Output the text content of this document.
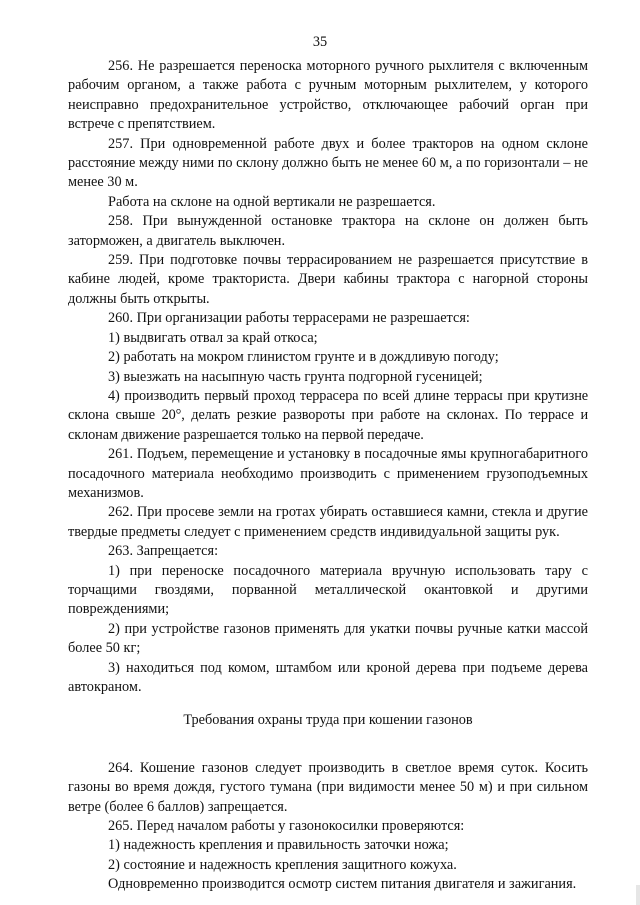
35

256. Не разрешается переноска моторного ручного рыхлителя с включенным рабочим органом, а также работа с ручным моторным рыхлителем, у которого неисправно предохранительное устройство, отключающее рабочий орган при встрече с препятствием.

257. При одновременной работе двух и более тракторов на одном склоне расстояние между ними по склону должно быть не менее 60 м, а по горизонтали – не менее 30 м.

Работа на склоне на одной вертикали не разрешается.

258. При вынужденной остановке трактора на склоне он должен быть заторможен, а двигатель выключен.

259. При подготовке почвы террасированием не разрешается присутствие в кабине людей, кроме тракториста. Двери кабины трактора с нагорной стороны должны быть открыты.

260. При организации работы террасерами не разрешается:

1) выдвигать отвал за край откоса;

2) работать на мокром глинистом грунте и в дождливую погоду;

3) выезжать на насыпную часть грунта подгорной гусеницей;

4) производить первый проход террасера по всей длине террасы при крутизне склона свыше 20°, делать резкие развороты при работе на склонах. По террасе и склонам движение разрешается только на первой передаче.

261. Подъем, перемещение и установку в посадочные ямы крупногабаритного посадочного материала необходимо производить с применением грузоподъемных механизмов.

262. При просеве земли на гротах убирать оставшиеся камни, стекла и другие твердые предметы следует с применением средств индивидуальной защиты рук.

263. Запрещается:

1) при переноске посадочного материала вручную использовать тару с торчащими гвоздями, порванной металлической окантовкой и другими повреждениями;

2) при устройстве газонов применять для укатки почвы ручные катки массой более 50 кг;

3) находиться под комом, штамбом или кроной дерева при подъеме дерева автокраном.

Требования охраны труда при кошении газонов

264. Кошение газонов следует производить в светлое время суток. Косить газоны во время дождя, густого тумана (при видимости менее 50 м) и при сильном ветре (более 6 баллов) запрещается.

265. Перед началом работы у газонокосилки проверяются:

1) надежность крепления и правильность заточки ножа;

2) состояние и надежность крепления защитного кожуха.

Одновременно производится осмотр систем питания двигателя и зажигания.
